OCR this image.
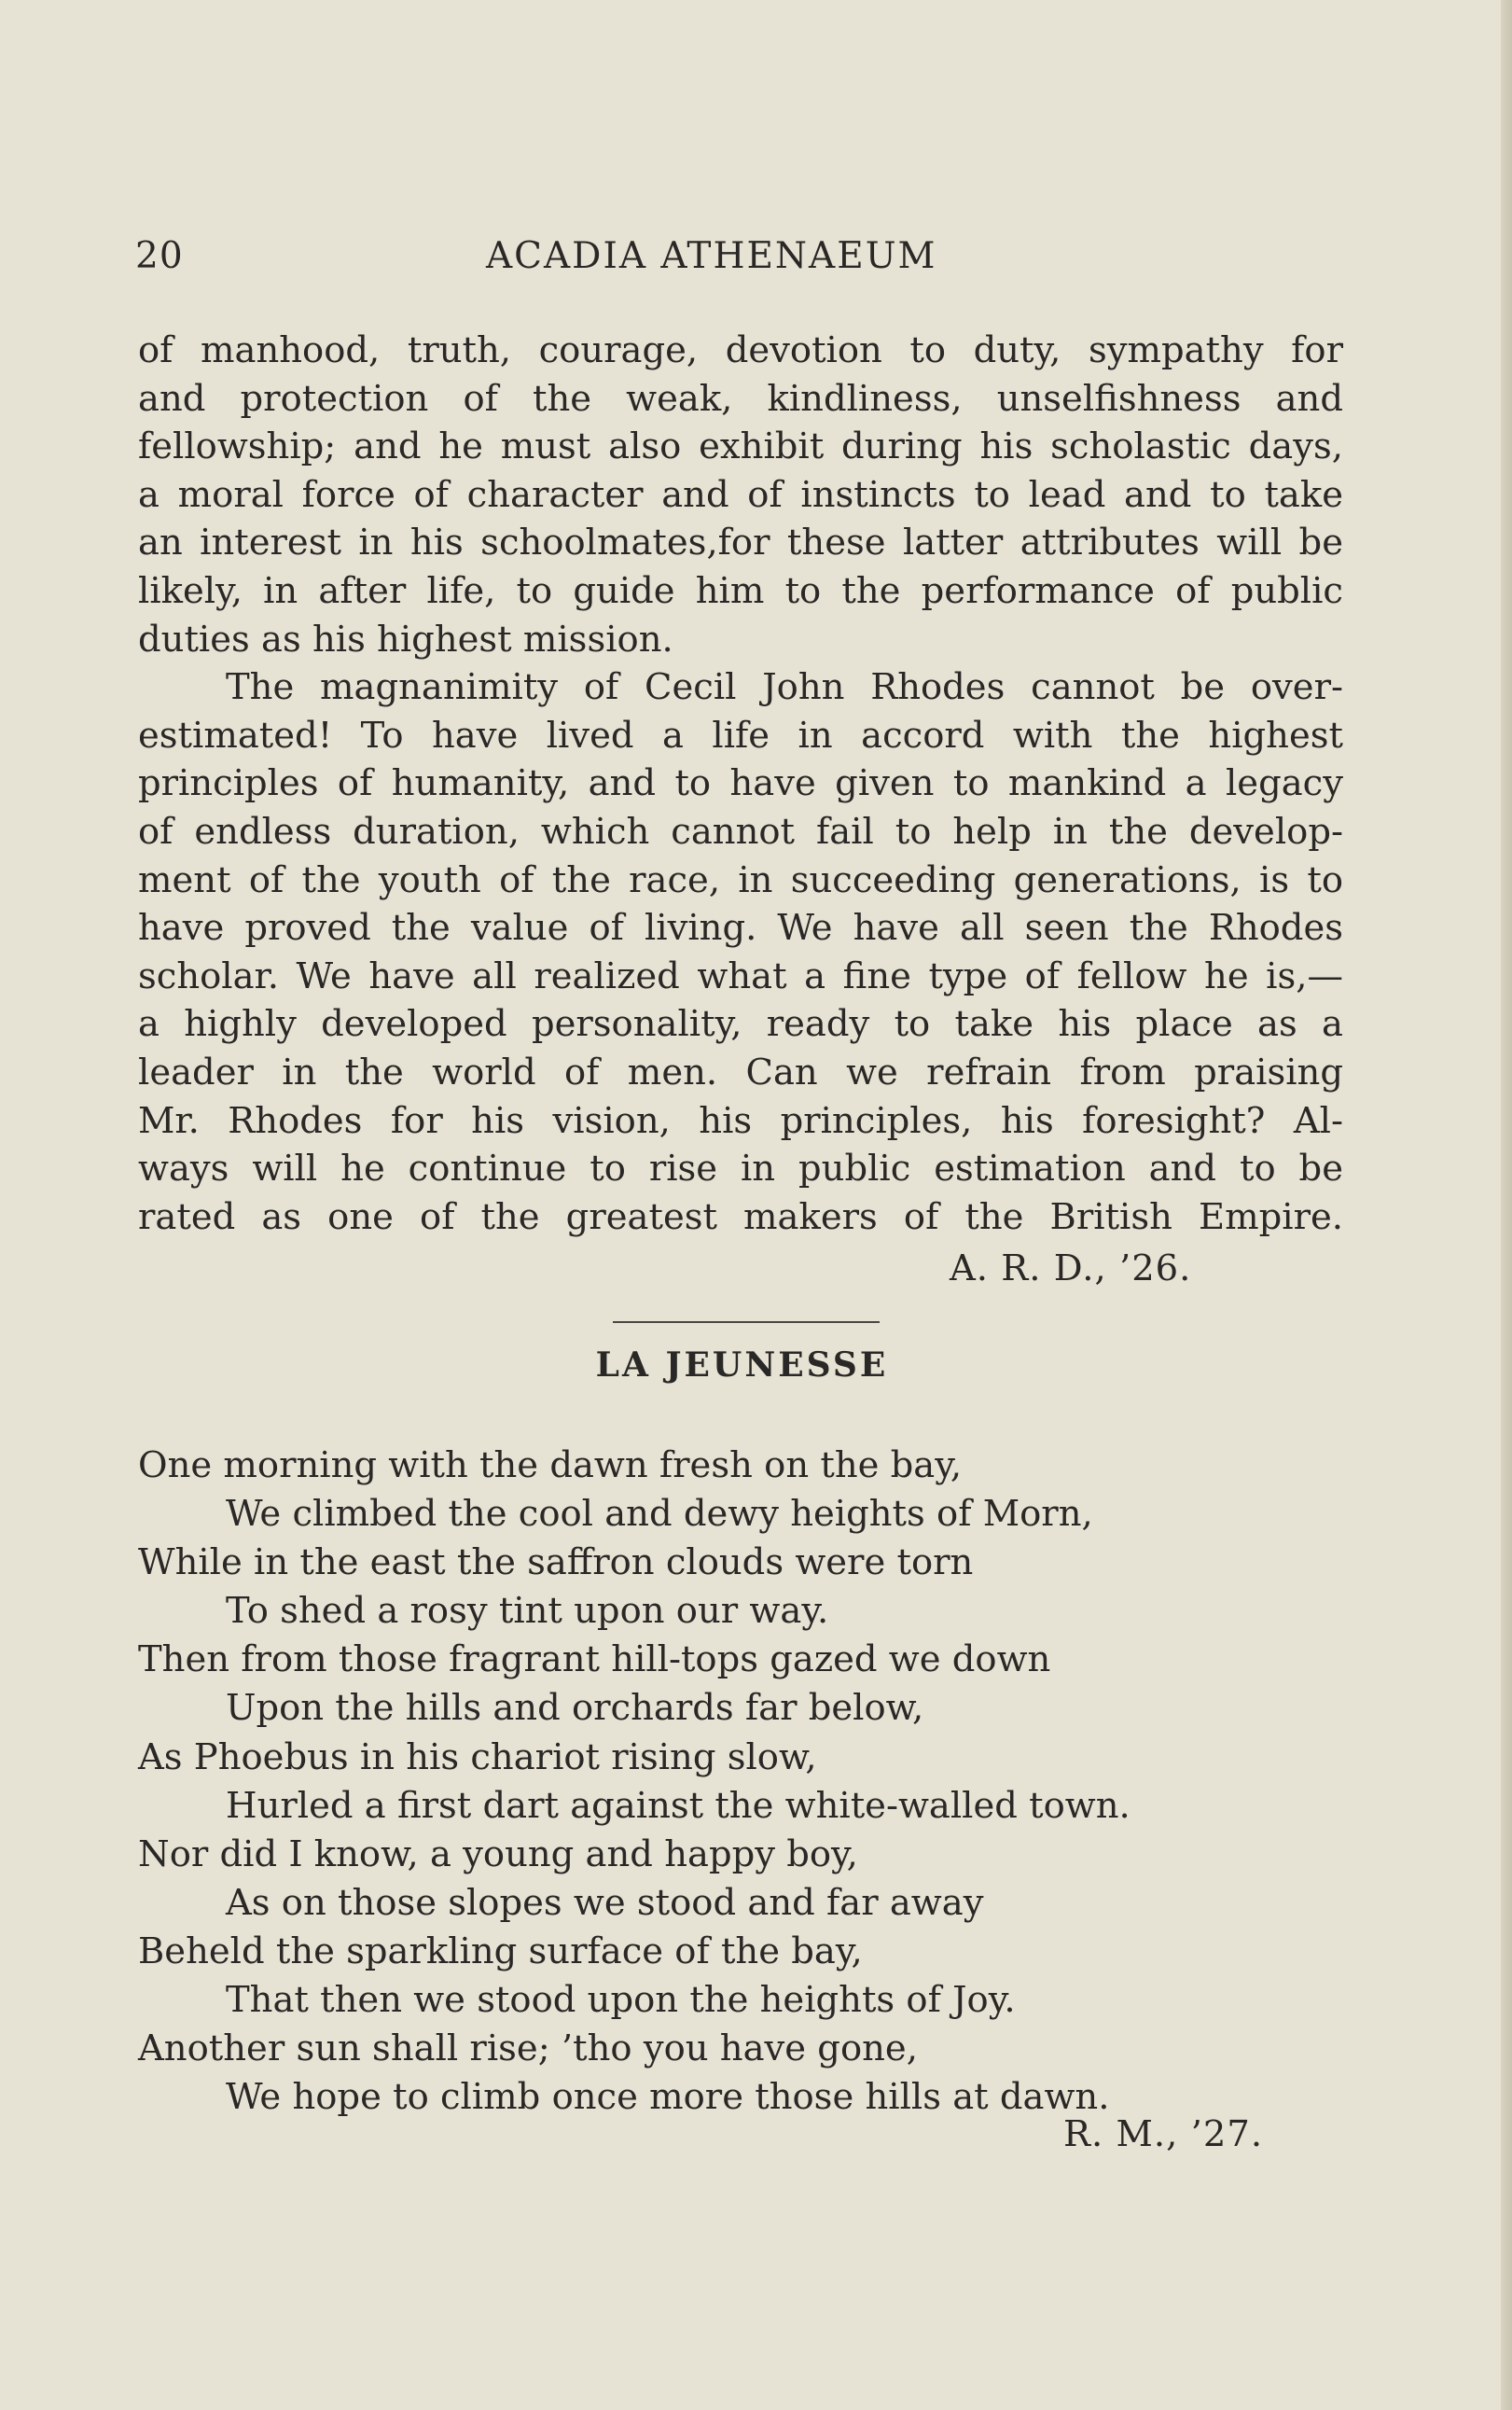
20	ACADIA ATHENAEUM
of manhood, truth, courage, devotion to duty, sympathy for
and protection of the weak, kindliness, unselfishness and
fellowship; and he must also exhibit during his scholastic days,
a moral force of character and of instincts to lead and to take
an interest in his schoolmates,for these latter attributes will be
likely, in after life, to guide him to the performance of public
duties as his highest mission.
The magnanimity of Cecil John Rhodes cannot be over-
estimated! To have lived a life in accord with the highest
principles of humanity, and to have given to mankind a legacy
of endless duration, which cannot fail to help in the develop-
ment of the youth of the race, in succeeding generations, is to
have proved the value of living. We have all seen the Rhodes
scholar. We have all realized what a fine type of fellow he is,—
a highly developed personality, ready to take his place as a
leader in the world of men. Can we refrain from praising
Mr. Rhodes for his vision, his principles, his foresight? Al-
ways will he continue to rise in public estimation and to be
rated as one of the greatest makers of the British Empire.
A. R. D., ’26.
LA JEUNESSE
One morning with the dawn fresh on the bay,
We climbed the cool and dewy heights of Morn,
While in the east the saffron clouds were torn
To shed a rosy tint upon our way.
Then from those fragrant hill-tops gazed we down
Upon the hills and orchards far below,
As Phoebus in his chariot rising slow,
Hurled a first dart against the white-walled town.
Nor did I know, a young and happy boy,
As on those slopes we stood and far away
Beheld the sparkling surface of the bay,
That then we stood upon the heights of Joy.
Another sun shall rise; ’tho you have gone,
We hope to climb once more those hills at dawn.
R. M., ’27.
